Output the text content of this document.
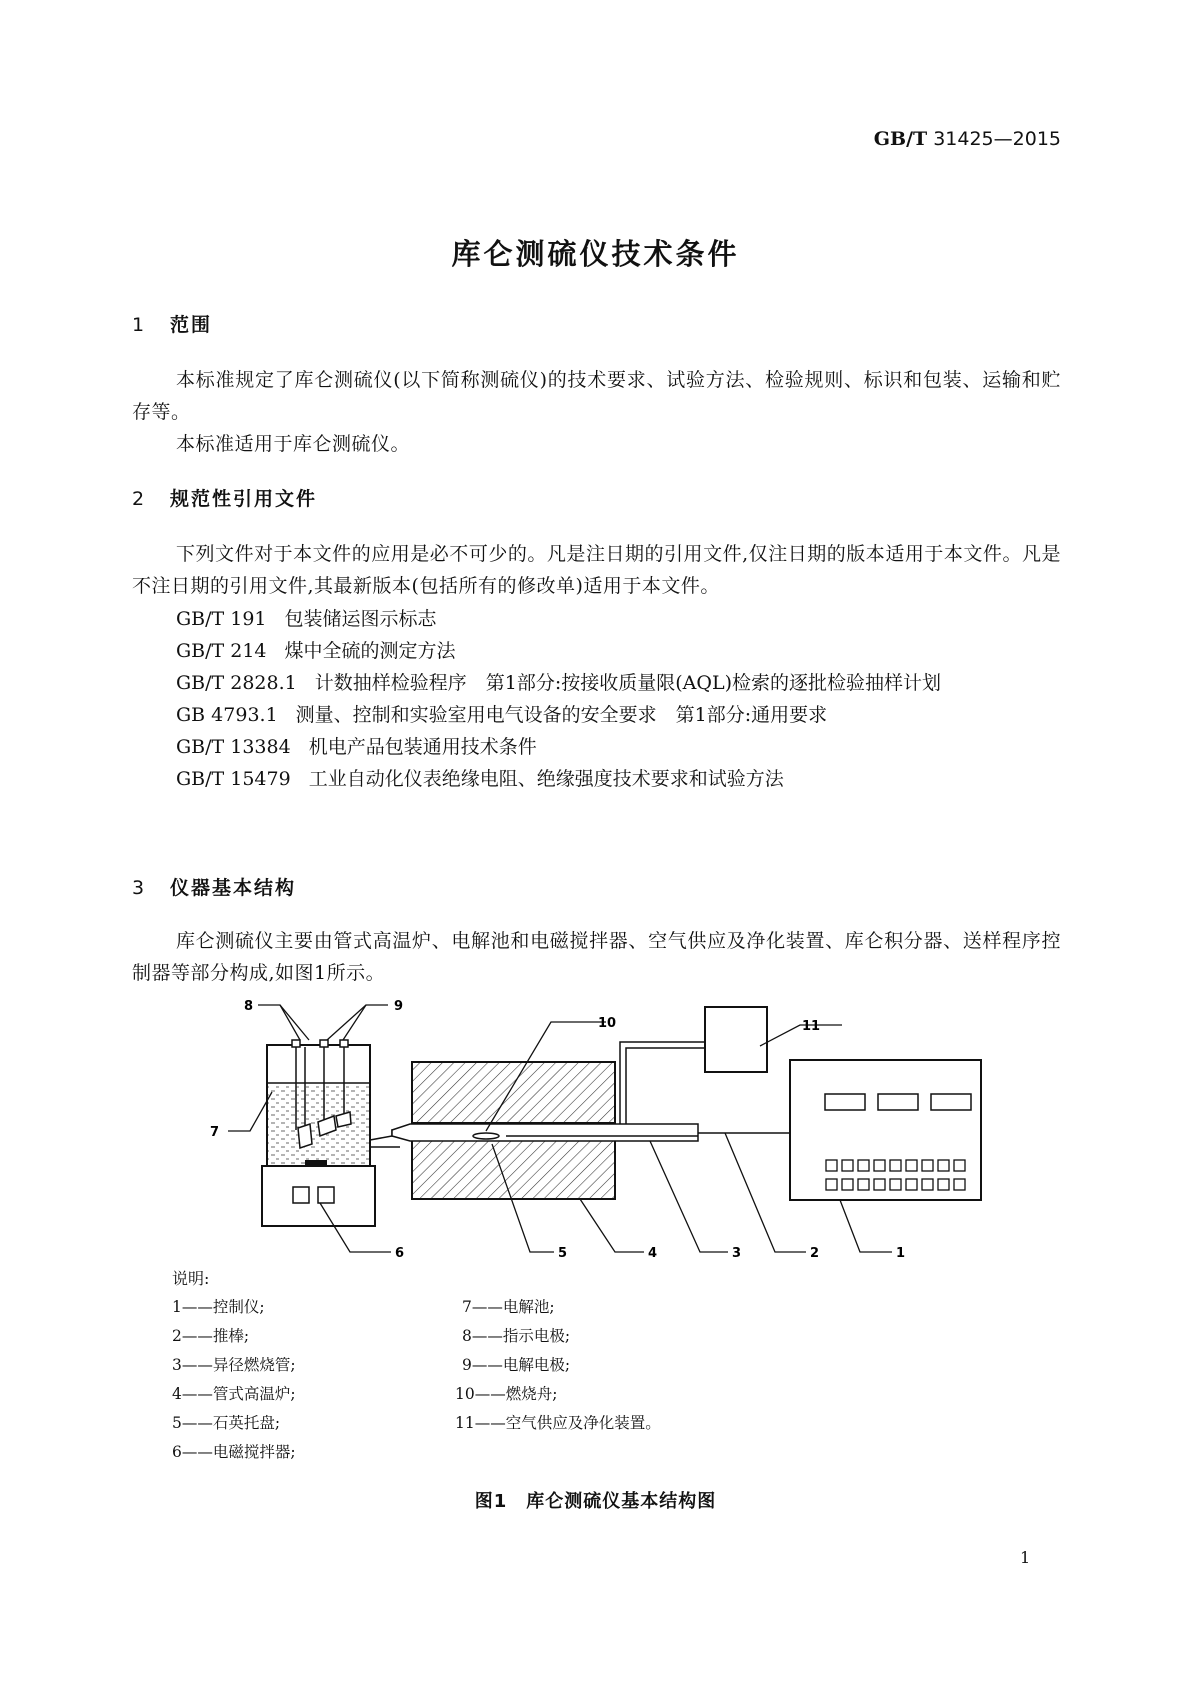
GB/T 31425—2015
库仑测硫仪技术条件
1 范围

本标准规定了库仑测硫仪(以下简称测硫仪)的技术要求、试验方法、检验规则、标识和包装、运输和贮存等。

本标准适用于库仑测硫仪。

2 规范性引用文件

下列文件对于本文件的应用是必不可少的。凡是注日期的引用文件,仅注日期的版本适用于本文件。凡是不注日期的引用文件,其最新版本(包括所有的修改单)适用于本文件。

GB/T 191 包装储运图示标志
GB/T 214 煤中全硫的测定方法
GB/T 2828.1 计数抽样检验程序　第1部分:按接收质量限(AQL)检索的逐批检验抽样计划
GB 4793.1 测量、控制和实验室用电气设备的安全要求　第1部分:通用要求
GB/T 13384 机电产品包装通用技术条件
GB/T 15479 工业自动化仪表绝缘电阻、绝缘强度技术要求和试验方法
3 仪器基本结构

库仑测硫仪主要由管式高温炉、电解池和电磁搅拌器、空气供应及净化装置、库仑积分器、送样程序控制器等部分构成,如图1所示。

7
8	9
10	11
6	5	4	3	2	1
说明:
1——控制仪;
2——推棒;
3——异径燃烧管;
4——管式高温炉;
5——石英托盘;
6——电磁搅拌器;
7——电解池;
8——指示电极;
9——电解电极;
10——燃烧舟;
11——空气供应及净化装置。
图1　库仑测硫仪基本结构图
1
